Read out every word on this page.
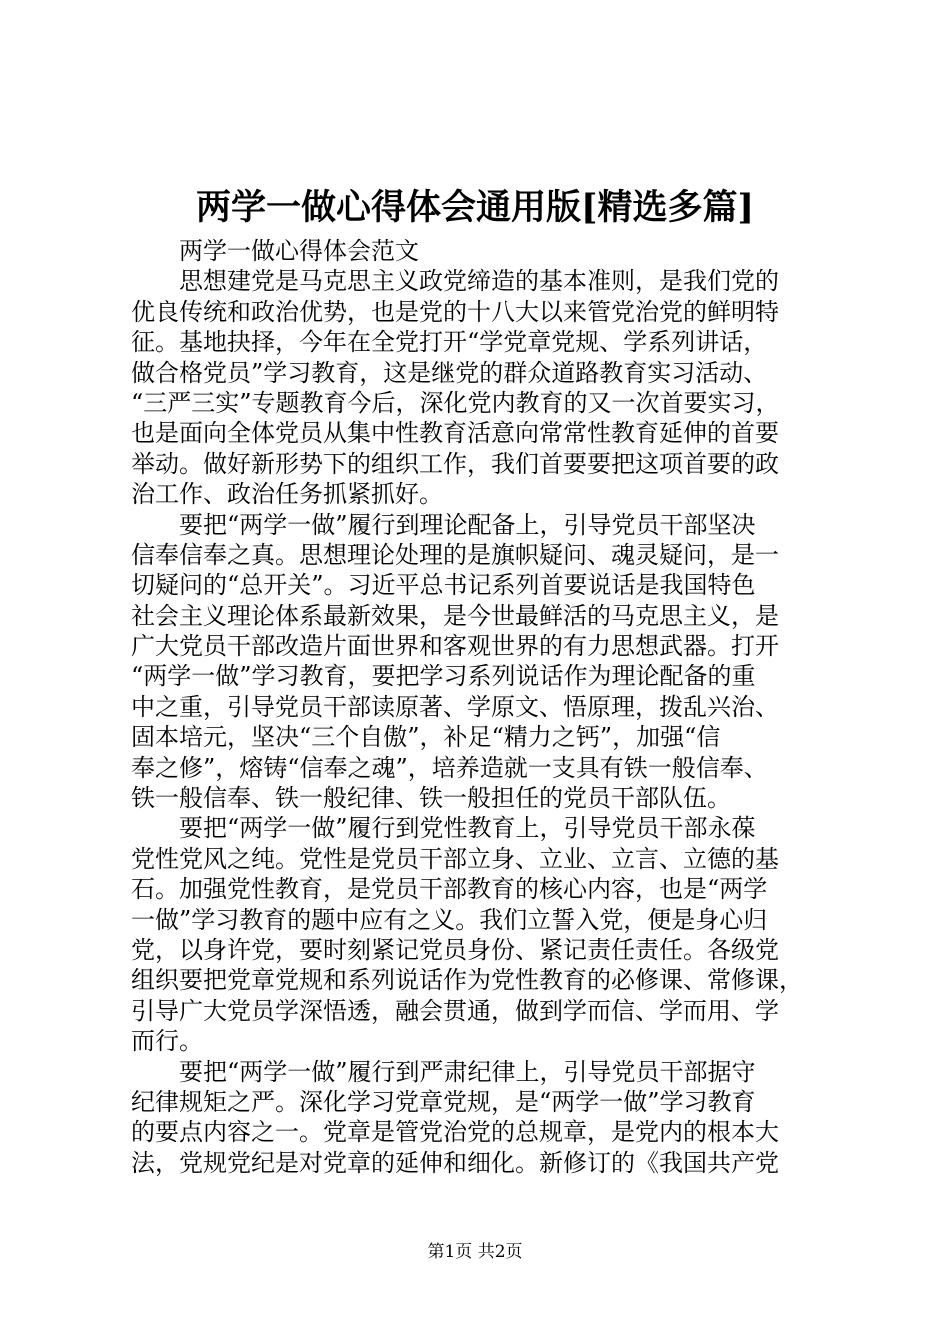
两学一做心得体会通用版[精选多篇]
　　两学一做心得体会范文
　　思想建党是马克思主义政党缔造的基本准则，是我们党的
优良传统和政治优势，也是党的十八大以来管党治党的鲜明特
征。基地抉择，今年在全党打开“学党章党规、学系列讲话，
做合格党员”学习教育，这是继党的群众道路教育实习活动、
“三严三实”专题教育今后，深化党内教育的又一次首要实习，
也是面向全体党员从集中性教育活意向常常性教育延伸的首要
举动。做好新形势下的组织工作，我们首要要把这项首要的政
治工作、政治任务抓紧抓好。
　　要把“两学一做”履行到理论配备上，引导党员干部坚决
信奉信奉之真。思想理论处理的是旗帜疑问、魂灵疑问，是一
切疑问的“总开关”。习近平总书记系列首要说话是我国特色
社会主义理论体系最新效果，是今世最鲜活的马克思主义，是
广大党员干部改造片面世界和客观世界的有力思想武器。打开
“两学一做”学习教育，要把学习系列说话作为理论配备的重
中之重，引导党员干部读原著、学原文、悟原理，拨乱兴治、
固本培元，坚决“三个自傲”，补足“精力之钙”，加强“信
奉之修”，熔铸“信奉之魂”，培养造就一支具有铁一般信奉、
铁一般信奉、铁一般纪律、铁一般担任的党员干部队伍。
　　要把“两学一做”履行到党性教育上，引导党员干部永葆
党性党风之纯。党性是党员干部立身、立业、立言、立德的基
石。加强党性教育，是党员干部教育的核心内容，也是“两学
一做”学习教育的题中应有之义。我们立誓入党，便是身心归
党，以身许党，要时刻紧记党员身份、紧记责任责任。各级党
组织要把党章党规和系列说话作为党性教育的必修课、常修课，
引导广大党员学深悟透，融会贯通，做到学而信、学而用、学
而行。
　　要把“两学一做”履行到严肃纪律上，引导党员干部据守
纪律规矩之严。深化学习党章党规，是“两学一做”学习教育
的要点内容之一。党章是管党治党的总规章，是党内的根本大
法，党规党纪是对党章的延伸和细化。新修订的《我国共产党
第1页 共2页
